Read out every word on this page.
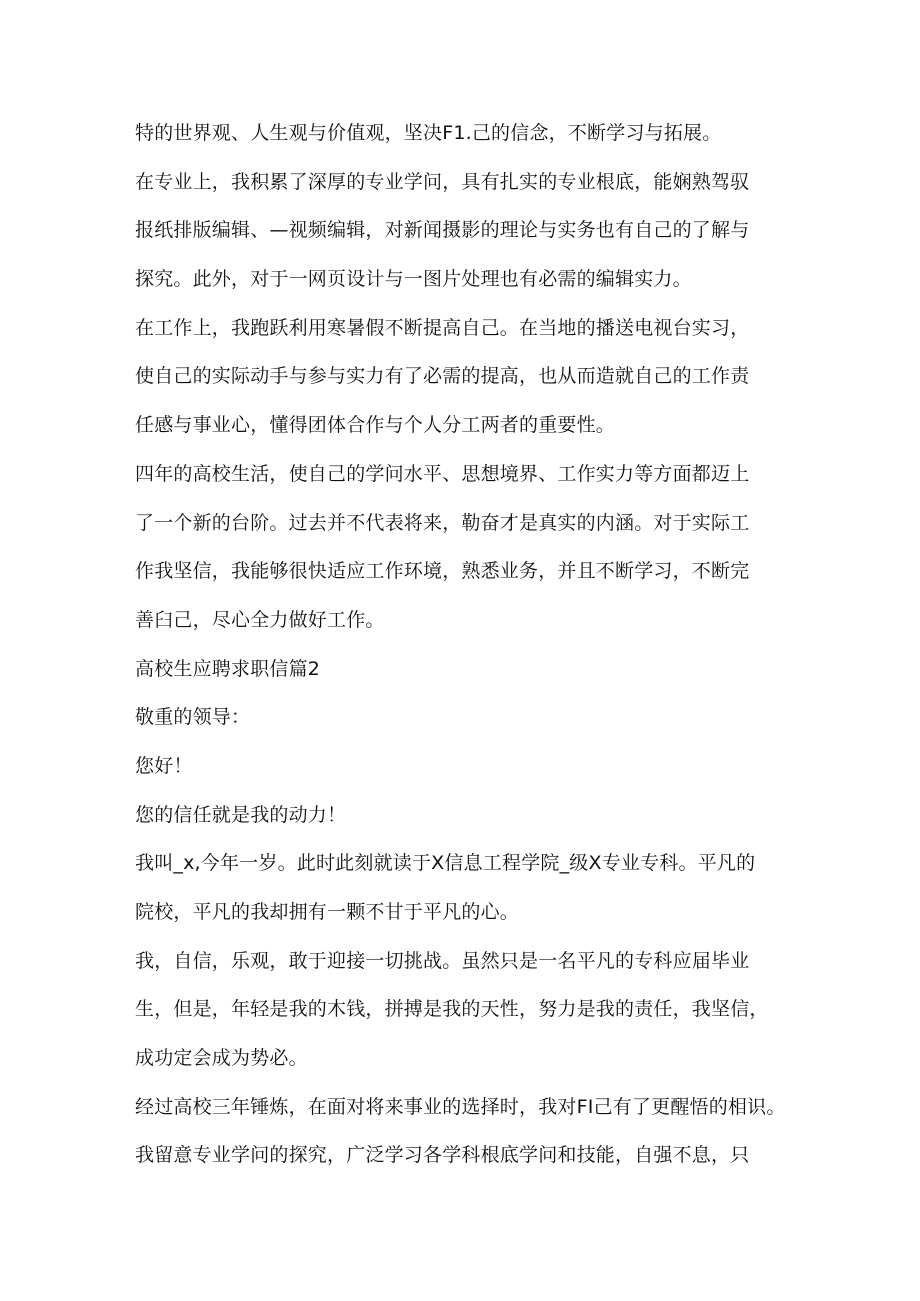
特的世界观、人生观与价值观，坚决F1.己的信念，不断学习与拓展。
在专业上，我积累了深厚的专业学问，具有扎实的专业根底，能娴熟驾驭
报纸排版编辑、—视频编辑，对新闻摄影的理论与实务也有自己的了解与
探究。此外，对于一网页设计与一图片处理也有必需的编辑实力。
在工作上，我跑跃利用寒暑假不断提高自己。在当地的播送电视台实习，
使自己的实际动手与参与实力有了必需的提高，也从而造就自己的工作责
任感与事业心，懂得团体合作与个人分工两者的重要性。
四年的高校生活，使自己的学问水平、思想境界、工作实力等方面都迈上
了一个新的台阶。过去并不代表将来，勒奋才是真实的内涵。对于实际工
作我坚信，我能够很快适应工作环境，熟悉业务，并且不断学习，不断完
善臼己，尽心全力做好工作。
高校生应聘求职信篇2
敬重的领导：
您好！
您的信任就是我的动力！
我叫_x,今年一岁。此时此刻就读于X信息工程学院_级X专业专科。平凡的
院校，平凡的我却拥有一颗不甘于平凡的心。
我，自信，乐观，敢于迎接一切挑战。虽然只是一名平凡的专科应届毕业
生，但是，年轻是我的木钱，拼搏是我的天性，努力是我的责任，我坚信，
成功定会成为势必。
经过高校三年锤炼，在面对将来事业的选择时，我对FI己有了更醒悟的相识。
我留意专业学问的探究，广泛学习各学科根底学问和技能，自强不息，只
